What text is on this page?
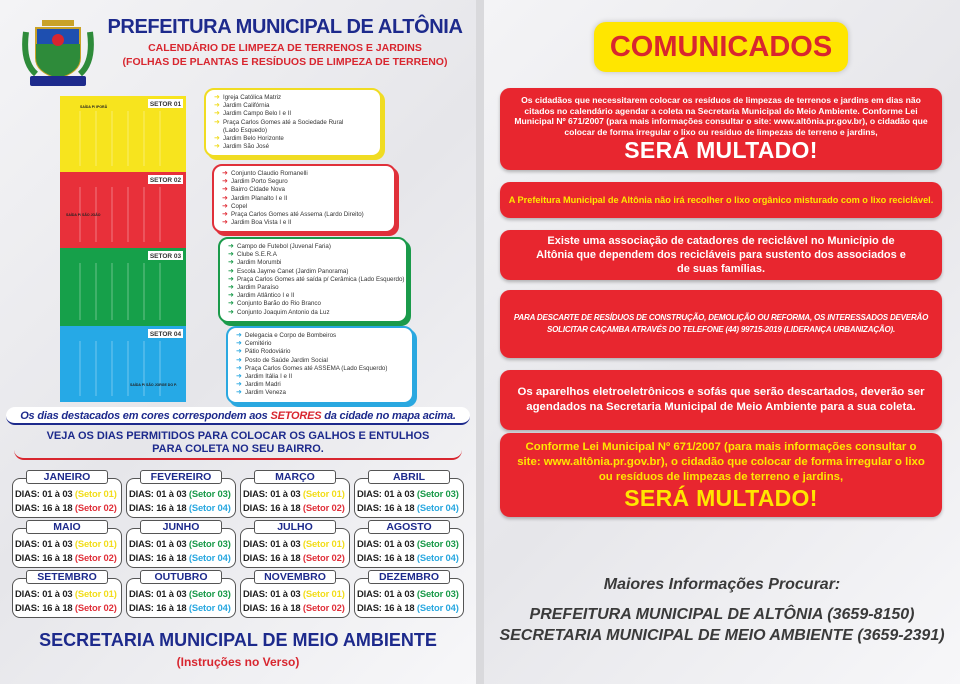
PREFEITURA MUNICIPAL DE ALTÔNIA
CALENDÁRIO DE LIMPEZA DE TERRENOS E JARDINS
(FOLHAS DE PLANTAS E RESÍDUOS DE LIMPEZA DE TERRENO)
SETOR 01
SETOR 02
SETOR 03
SETOR 04
SAÍDA P/ IPORÃ
SAÍDA P/ SÃO JOÃO
SAÍDA P/ SÃO JORGE DO P.
➜ Igreja Católica Matriz
➜ Jardim Califórnia
➜ Jardim Campo Belo I e II
➜ Praça Carlos Gomes até a Sociedade Rural
(Lado Esquedo)
➜ Jardim Belo Horizonte
➜ Jardim São José
➜ Conjunto Claudio Romanelli
➜ Jardim Porto Seguro
➜ Bairro Cidade Nova
➜ Jardim Planalto I e II
➜ Copel
➜ Praça Carlos Gomes até Assema (Lardo Direito)
➜ Jardim Boa Vista I e II
➜ Campo de Futebol (Juvenal Faria)
➜ Clube S.E.R.A
➜ Jardim Morumbi
➜ Escola Jayme Canet (Jardim Panorama)
➜ Praça Carlos Gomes até saída p/ Cerâmica (Lado Esquerdo)
➜ Jardim Paraíso
➜ Jardim Atlântico I e II
➜ Conjunto Barão do Rio Branco
➜ Conjunto Joaquim Antonio da Luz
➜ Delegacia e Corpo de Bombeiros
➜ Cemitério
➜ Pátio Rodoviário
➜ Posto de Saúde Jardim Social
➜ Praça Carlos Gomes até ASSEMA (Lado Esquerdo)
➜ Jardim Itália I e II
➜ Jardim Madri
➜ Jardim Veneza
Os dias destacados em cores correspondem aos SETORES da cidade no mapa acima.
VEJA OS DIAS PERMITIDOS PARA COLOCAR OS GALHOS E ENTULHOS
PARA COLETA NO SEU BAIRRO.
JANEIRO
DIAS: 01 à 03 (Setor 01)
DIAS: 16 à 18 (Setor 02)
FEVEREIRO
DIAS: 01 à 03 (Setor 03)
DIAS: 16 à 18 (Setor 04)
MARÇO
DIAS: 01 à 03 (Setor 01)
DIAS: 16 à 18 (Setor 02)
ABRIL
DIAS: 01 à 03 (Setor 03)
DIAS: 16 à 18 (Setor 04)
MAIO
DIAS: 01 à 03 (Setor 01)
DIAS: 16 à 18 (Setor 02)
JUNHO
DIAS: 01 à 03 (Setor 03)
DIAS: 16 à 18 (Setor 04)
JULHO
DIAS: 01 à 03 (Setor 01)
DIAS: 16 à 18 (Setor 02)
AGOSTO
DIAS: 01 à 03 (Setor 03)
DIAS: 16 à 18 (Setor 04)
SETEMBRO
DIAS: 01 à 03 (Setor 01)
DIAS: 16 à 18 (Setor 02)
OUTUBRO
DIAS: 01 à 03 (Setor 03)
DIAS: 16 à 18 (Setor 04)
NOVEMBRO
DIAS: 01 à 03 (Setor 01)
DIAS: 16 à 18 (Setor 02)
DEZEMBRO
DIAS: 01 à 03 (Setor 03)
DIAS: 16 à 18 (Setor 04)
SECRETARIA MUNICIPAL DE MEIO AMBIENTE
(Instruções no Verso)
COMUNICADOS

Os cidadãos que necessitarem colocar os resíduos de limpezas de terrenos e jardins em dias não citados no calendário agendar a coleta na Secretaria Municipal do Meio Ambiente. Conforme Lei Municipal Nº 671/2007 (para mais informações consultar o site: www.altônia.pr.gov.br), o cidadão que colocar de forma irregular o lixo ou resíduo de limpezas de terreno e jardins,

SERÁ MULTADO!

A Prefeitura Municipal de Altônia não irá recolher o lixo orgânico misturado com o lixo reciclável.

Existe uma associação de catadores de reciclável no Município de Altônia que dependem dos recicláveis para sustento dos associados e de suas famílias.

PARA DESCARTE DE RESÍDUOS DE CONSTRUÇÃO, DEMOLIÇÃO OU REFORMA, OS INTERESSADOS DEVERÃO SOLICITAR CAÇAMBA ATRAVÉS DO TELEFONE (44) 99715-2019 (LIDERANÇA URBANIZAÇÃO).

Os aparelhos eletroeletrônicos e sofás que serão descartados, deverão ser agendados na Secretaria Municipal de Meio Ambiente para a sua coleta.

Conforme Lei Municipal Nº 671/2007 (para mais informações consultar o site: www.altônia.pr.gov.br), o cidadão que colocar de forma irregular o lixo ou resíduos de limpezas de terreno e jardins,

SERÁ MULTADO!

Maiores Informações Procurar:
PREFEITURA MUNICIPAL DE ALTÔNIA (3659-8150)
SECRETARIA MUNICIPAL DE MEIO AMBIENTE (3659-2391)
